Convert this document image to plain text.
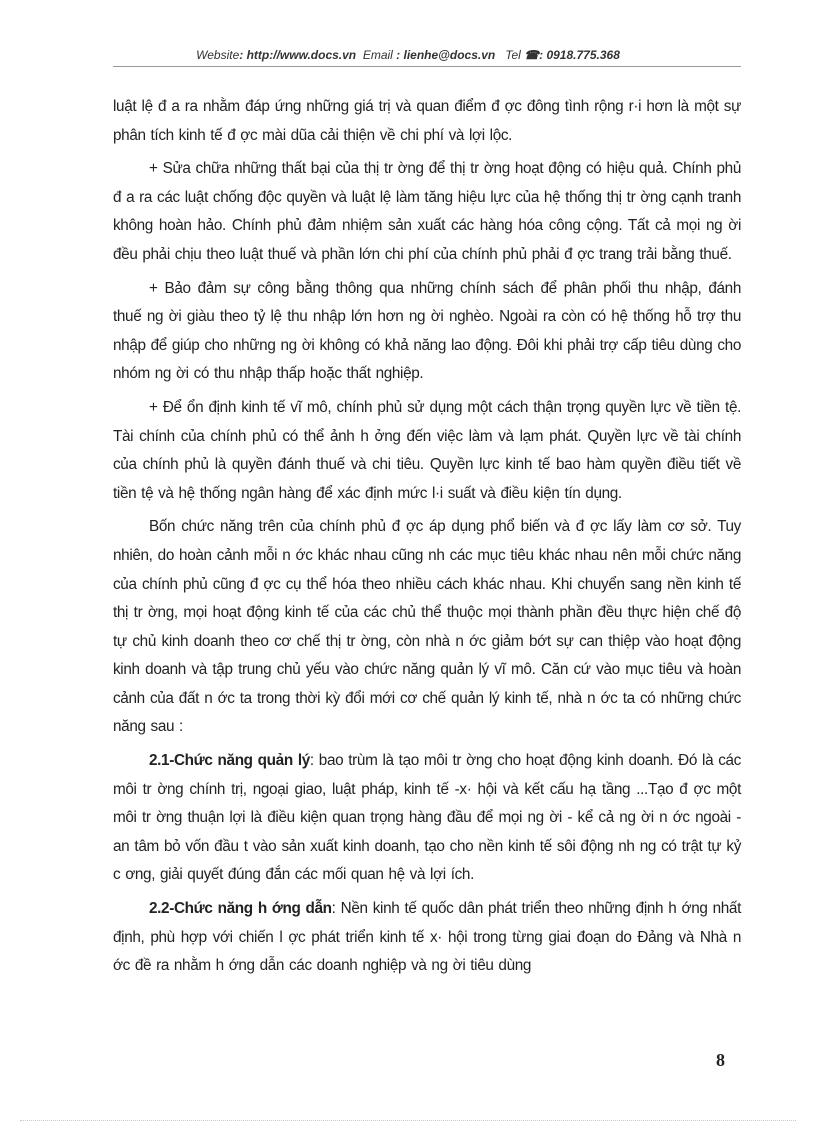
Website: http://www.docs.vn Email : lienhe@docs.vn Tel ☎: 0918.775.368

luật lệ đ a ra nhằm đáp ứng những giá trị và quan điểm đ ợc đông tình rộng r·i hơn là một sự phân tích kinh tế đ ợc mài dũa cải thiện về chi phí và lợi lộc.

+ Sửa chữa những thất bại của thị tr ờng để thị tr ờng hoạt động có hiệu quả. Chính phủ đ a ra các luật chống độc quyền và luật lệ làm tăng hiệu lực của hệ thống thị tr ờng cạnh tranh không hoàn hảo. Chính phủ đảm nhiệm sản xuất các hàng hóa công cộng. Tất cả mọi ng ời đều phải chịu theo luật thuế và phần lớn chi phí của chính phủ phải đ ợc trang trải bằng thuế.

+ Bảo đảm sự công bằng thông qua những chính sách để phân phối thu nhập, đánh thuế ng ời giàu theo tỷ lệ thu nhập lớn hơn ng ời nghèo. Ngoài ra còn có hệ thống hỗ trợ thu nhập để giúp cho những ng ời không có khả năng lao động. Đôi khi phải trợ cấp tiêu dùng cho nhóm ng ời có thu nhập thấp hoặc thất nghiệp.

+ Để ổn định kinh tế vĩ mô, chính phủ sử dụng một cách thận trọng quyền lực về tiền tệ. Tài chính của chính phủ có thể ảnh h ởng đến việc làm và lạm phát. Quyền lực về tài chính của chính phủ là quyền đánh thuế và chi tiêu. Quyền lực kinh tế bao hàm quyền điều tiết về tiền tệ và hệ thống ngân hàng để xác định mức l·i suất và điều kiện tín dụng.

Bốn chức năng trên của chính phủ đ ợc áp dụng phổ biến và đ ợc lấy làm cơ sở. Tuy nhiên, do hoàn cảnh mỗi n ớc khác nhau cũng nh các mục tiêu khác nhau nên mỗi chức năng của chính phủ cũng đ ợc cụ thể hóa theo nhiều cách khác nhau. Khi chuyển sang nền kinh tế thị tr ờng, mọi hoạt động kinh tế của các chủ thể thuộc mọi thành phần đều thực hiện chế độ tự chủ kinh doanh theo cơ chế thị tr ờng, còn nhà n ớc giảm bớt sự can thiệp vào hoạt động kinh doanh và tập trung chủ yếu vào chức năng quản lý vĩ mô. Căn cứ vào mục tiêu và hoàn cảnh của đất n ớc ta trong thời kỳ đổi mới cơ chế quản lý kinh tế, nhà n ớc ta có những chức năng sau :

2.1-Chức năng quản lý: bao trùm là tạo môi tr ờng cho hoạt động kinh doanh. Đó là các môi tr ờng chính trị, ngoại giao, luật pháp, kinh tế -x· hội và kết cấu hạ tầng ...Tạo đ ợc một môi tr ờng thuận lợi là điều kiện quan trọng hàng đầu để mọi ng ời - kể cả ng ời n ớc ngoài - an tâm bỏ vốn đầu t vào sản xuất kinh doanh, tạo cho nền kinh tế sôi động nh ng có trật tự kỷ c ơng, giải quyết đúng đắn các mối quan hệ và lợi ích.

2.2-Chức năng h ớng dẫn: Nền kinh tế quốc dân phát triển theo những định h ớng nhất định, phù hợp với chiến l ợc phát triển kinh tế x· hội trong từng giai đoạn do Đảng và Nhà n ớc đề ra nhằm h ớng dẫn các doanh nghiệp và ng ời tiêu dùng

8
